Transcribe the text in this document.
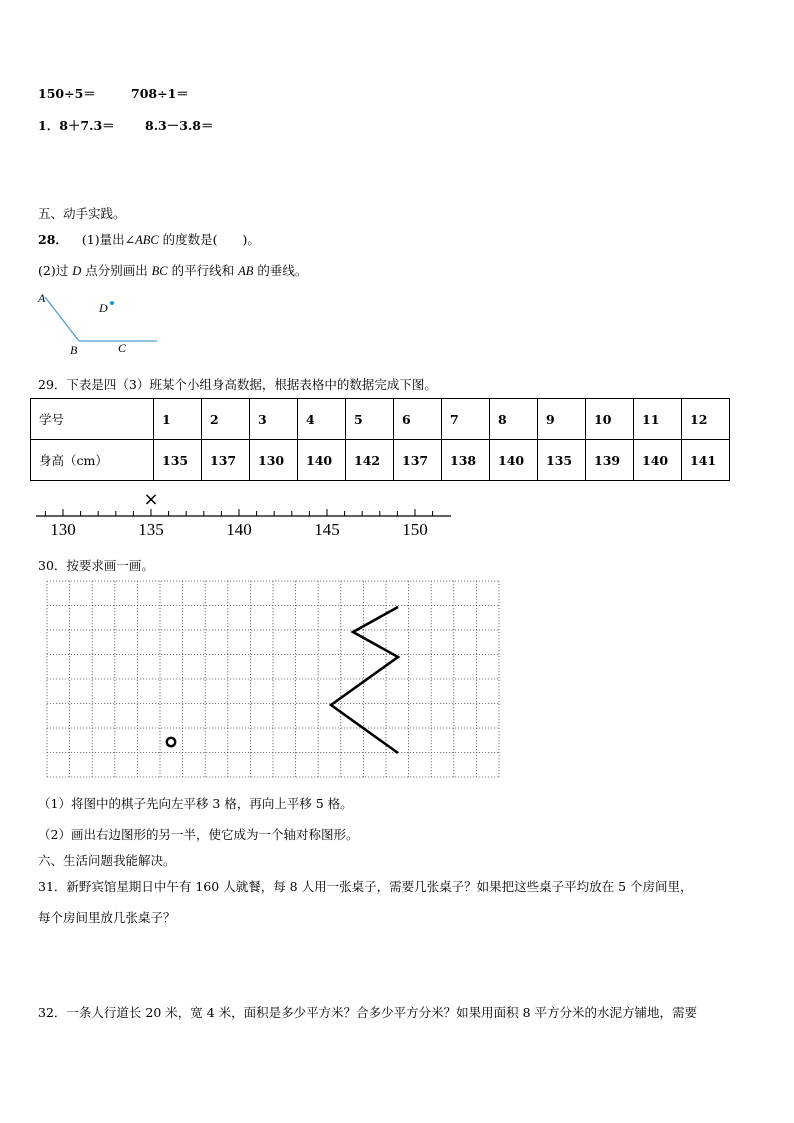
150÷5＝	708÷1＝
1．8＋7.3＝ 8.3－3.8＝
五、动手实践。
28． (1)量出∠ABC 的度数是(　　)。
(2)过 D 点分别画出 BC 的平行线和 AB 的垂线。
A
D
B	C
29．下表是四（3）班某个小组身高数据，根据表格中的数据完成下图。
学号	1	2	3	4	5	6	7	8	9	10	11	12
身高（cm）	135	137	130	140	142	137	138	140	135	139	140	141
130	135	140	145	150
×
30．按要求画一画。
（1）将图中的棋子先向左平移 3 格，再向上平移 5 格。
（2）画出右边图形的另一半，使它成为一个轴对称图形。
六、生活问题我能解决。
31．新野宾馆星期日中午有 160 人就餐，每 8 人用一张桌子，需要几张桌子？如果把这些桌子平均放在 5 个房间里，
每个房间里放几张桌子？
32．一条人行道长 20 米，宽 4 米，面积是多少平方米？合多少平方分米？如果用面积 8 平方分米的水泥方铺地，需要
